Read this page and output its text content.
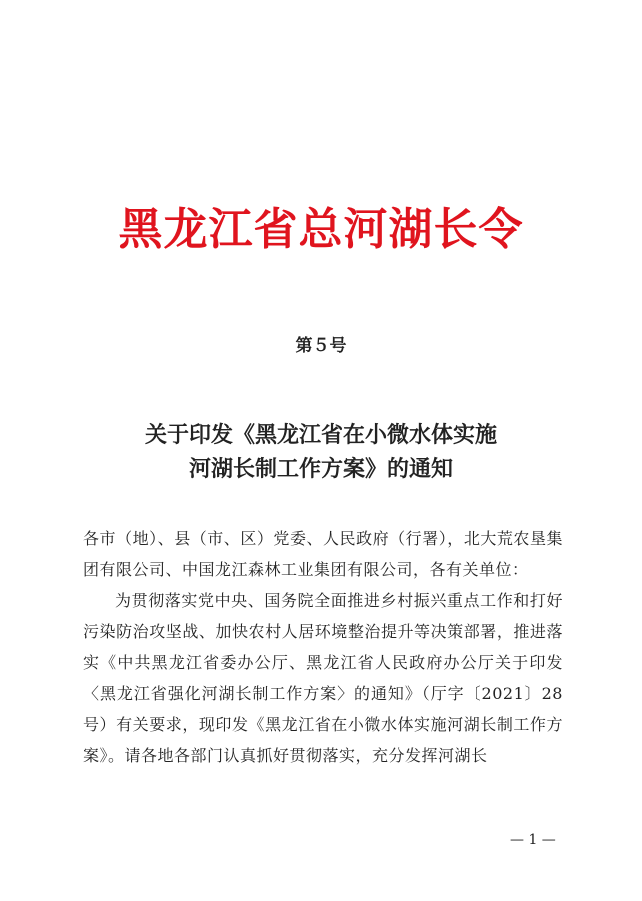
黑龙江省总河湖长令
第５号
关于印发《黑龙江省在小微水体实施
河湖长制工作方案》的通知

各市（地）、县（市、区）党委、人民政府（行署），北大荒农垦集团有限公司、中国龙江森林工业集团有限公司，各有关单位：

为贯彻落实党中央、国务院全面推进乡村振兴重点工作和打好污染防治攻坚战、加快农村人居环境整治提升等决策部署，推进落实《中共黑龙江省委办公厅、黑龙江省人民政府办公厅关于印发〈黑龙江省强化河湖长制工作方案〉的通知》（厅字〔2021〕28号）有关要求，现印发《黑龙江省在小微水体实施河湖长制工作方案》。请各地各部门认真抓好贯彻落实，充分发挥河湖长

— 1 —
